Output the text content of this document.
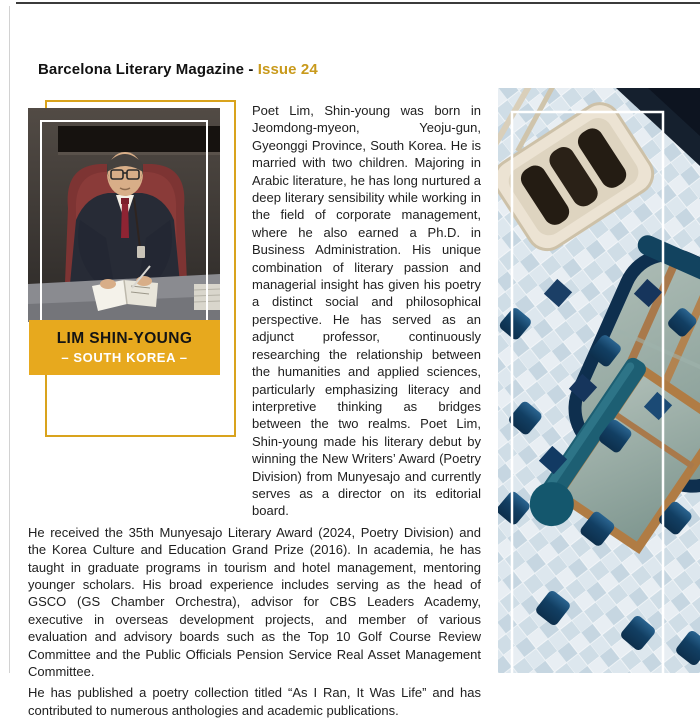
Barcelona Literary Magazine - Issue 24
LIM SHIN-YOUNG
– SOUTH KOREA –

Poet Lim, Shin-young was born in Jeomdong-myeon, Yeoju-gun, Gyeonggi Province, South Korea. He is married with two children. Majoring in Arabic literature, he has long nurtured a deep literary sensibility while working in the field of corporate management, where he also earned a Ph.D. in Business Administration. His unique combination of literary passion and managerial insight has given his poetry a distinct social and philosophical perspective. He has served as an adjunct professor, continuously researching the relationship between the humanities and applied sciences, particularly emphasizing literacy and interpretive thinking as bridges between the two realms. Poet Lim, Shin-young made his literary debut by winning the New Writers’ Award (Poetry Division) from Munyesajo and currently serves as a director on its editorial board.

He received the 35th Munyesajo Literary Award (2024, Poetry Division) and the Korea Culture and Education Grand Prize (2016). In academia, he has taught in graduate programs in tourism and hotel management, mentoring younger scholars. His broad experience includes serving as the head of GSCO (GS Chamber Orchestra), advisor for CBS Leaders Academy, executive in overseas development projects, and member of various evaluation and advisory boards such as the Top 10 Golf Course Review Committee and the Public Officials Pension Service Real Asset Management Committee.

He has published a poetry collection titled “As I Ran, It Was Life” and has contributed to numerous anthologies and academic publications.
